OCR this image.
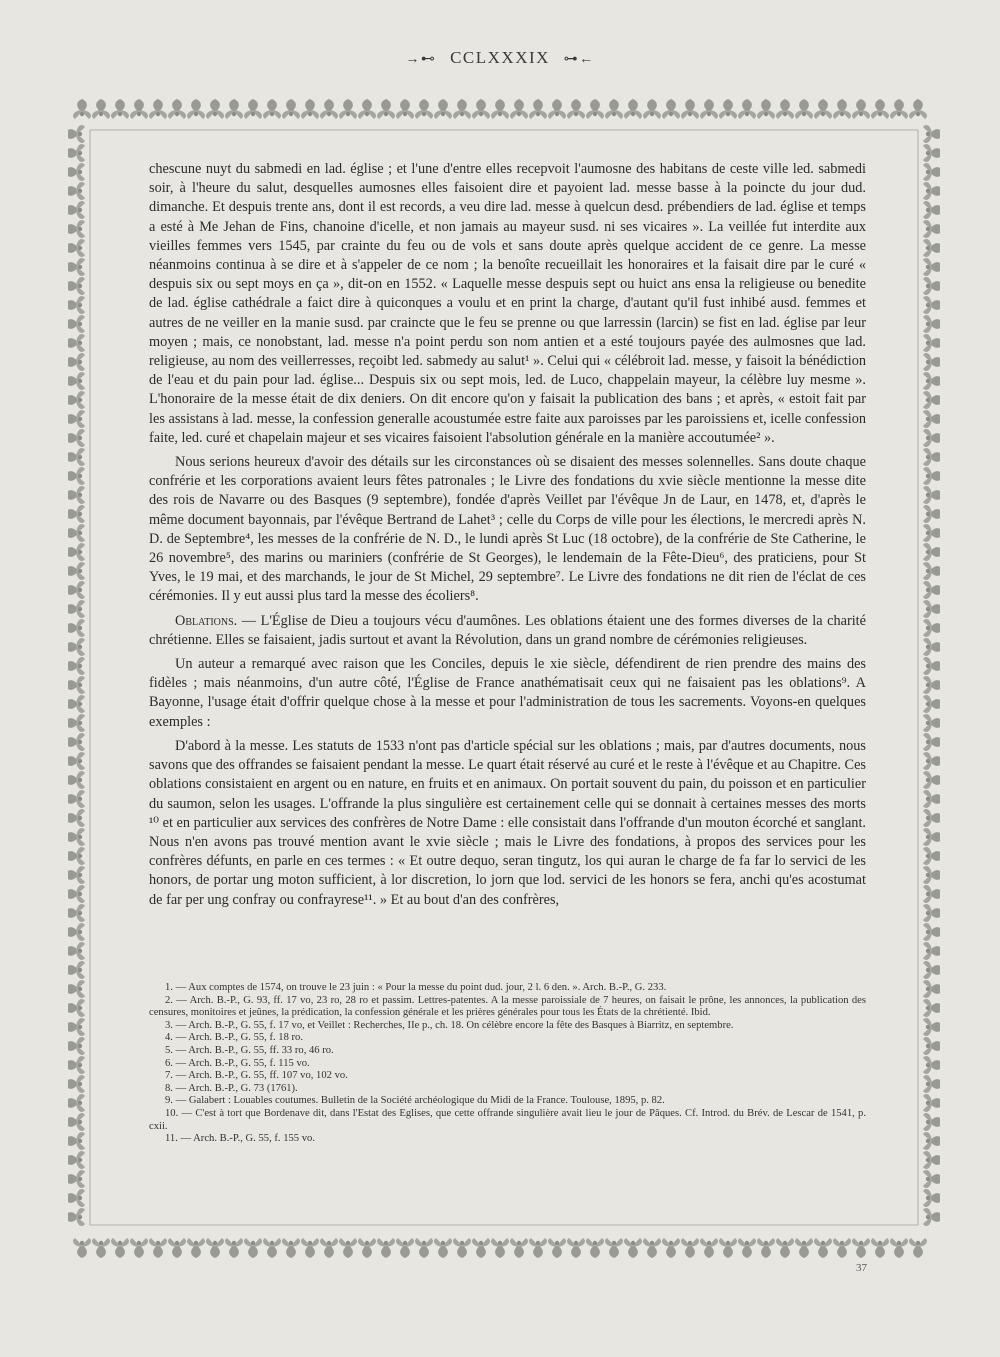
→⊷ CCLXXXIX ⊶←

chescune nuyt du sabmedi en lad. église ; et l'une d'entre elles recepvoit l'aumosne des habitans de ceste ville led. sabmedi soir, à l'heure du salut, desquelles aumosnes elles faisoient dire et payoient lad. messe basse à la poincte du jour dud. dimanche. Et despuis trente ans, dont il est records, a veu dire lad. messe à quelcun desd. prébendiers de lad. église et temps a esté à Me Jehan de Fins, chanoine d'icelle, et non jamais au mayeur susd. ni ses vicaires ». La veillée fut interdite aux vieilles femmes vers 1545, par crainte du feu ou de vols et sans doute après quelque accident de ce genre. La messe néanmoins continua à se dire et à s'appeler de ce nom ; la benoîte recueillait les honoraires et la faisait dire par le curé « despuis six ou sept moys en ça », dit-on en 1552. « Laquelle messe despuis sept ou huict ans ensa la religieuse ou benedite de lad. église cathédrale a faict dire à quiconques a voulu et en print la charge, d'autant qu'il fust inhibé ausd. femmes et autres de ne veiller en la manie susd. par craincte que le feu se prenne ou que larressin (larcin) se fist en lad. église par leur moyen ; mais, ce nonobstant, lad. messe n'a point perdu son nom antien et a esté toujours payée des aulmosnes que lad. religieuse, au nom des veillerresses, reçoibt led. sabmedy au salut¹ ». Celui qui « célébroit lad. messe, y faisoit la bénédiction de l'eau et du pain pour lad. église... Despuis six ou sept mois, led. de Luco, chappelain mayeur, la célèbre luy mesme ». L'honoraire de la messe était de dix deniers. On dit encore qu'on y faisait la publication des bans ; et après, « estoit fait par les assistans à lad. messe, la confession generalle acoustumée estre faite aux paroisses par les paroissiens et, icelle confession faite, led. curé et chapelain majeur et ses vicaires faisoient l'absolution générale en la manière accoutumée² ».

Nous serions heureux d'avoir des détails sur les circonstances où se disaient des messes solennelles. Sans doute chaque confrérie et les corporations avaient leurs fêtes patronales ; le Livre des fondations du xvie siècle mentionne la messe dite des rois de Navarre ou des Basques (9 septembre), fondée d'après Veillet par l'évêque Jn de Laur, en 1478, et, d'après le même document bayonnais, par l'évêque Bertrand de Lahet³ ; celle du Corps de ville pour les élections, le mercredi après N. D. de Septembre⁴, les messes de la confrérie de N. D., le lundi après St Luc (18 octobre), de la confrérie de Ste Catherine, le 26 novembre⁵, des marins ou mariniers (confrérie de St Georges), le lendemain de la Fête-Dieu⁶, des praticiens, pour St Yves, le 19 mai, et des marchands, le jour de St Michel, 29 septembre⁷. Le Livre des fondations ne dit rien de l'éclat de ces cérémonies. Il y eut aussi plus tard la messe des écoliers⁸.

Oblations. — L'Église de Dieu a toujours vécu d'aumônes. Les oblations étaient une des formes diverses de la charité chrétienne. Elles se faisaient, jadis surtout et avant la Révolution, dans un grand nombre de cérémonies religieuses.

Un auteur a remarqué avec raison que les Conciles, depuis le xie siècle, défendirent de rien prendre des mains des fidèles ; mais néanmoins, d'un autre côté, l'Église de France anathématisait ceux qui ne faisaient pas les oblations⁹. A Bayonne, l'usage était d'offrir quelque chose à la messe et pour l'administration de tous les sacrements. Voyons-en quelques exemples :

D'abord à la messe. Les statuts de 1533 n'ont pas d'article spécial sur les oblations ; mais, par d'autres documents, nous savons que des offrandes se faisaient pendant la messe. Le quart était réservé au curé et le reste à l'évêque et au Chapitre. Ces oblations consistaient en argent ou en nature, en fruits et en animaux. On portait souvent du pain, du poisson et en particulier du saumon, selon les usages. L'offrande la plus singulière est certainement celle qui se donnait à certaines messes des morts ¹⁰ et en particulier aux services des confrères de Notre Dame : elle consistait dans l'offrande d'un mouton écorché et sanglant. Nous n'en avons pas trouvé mention avant le xvie siècle ; mais le Livre des fondations, à propos des services pour les confrères défunts, en parle en ces termes : « Et outre dequo, seran tingutz, los qui auran le charge de fa far lo servici de les honors, de portar ung moton sufficient, à lor discretion, lo jorn que lod. servici de les honors se fera, anchi qu'es acostumat de far per ung confray ou confrayrese¹¹. » Et au bout d'an des confrères,

1. — Aux comptes de 1574, on trouve le 23 juin : « Pour la messe du point dud. jour, 2 l. 6 den. ». Arch. B.-P., G. 233.
2. — Arch. B.-P., G. 93, ff. 17 vo, 23 ro, 28 ro et passim. Lettres-patentes. A la messe paroissiale de 7 heures, on faisait le prône, les annonces, la publication des censures, monitoires et jeûnes, la prédication, la confession générale et les prières générales pour tous les États de la chrétienté. Ibid.
3. — Arch. B.-P., G. 55, f. 17 vo, et Veillet : Recherches, IIe p., ch. 18. On célèbre encore la fête des Basques à Biarritz, en septembre.
4. — Arch. B.-P., G. 55, f. 18 ro.
5. — Arch. B.-P., G. 55, ff. 33 ro, 46 ro.
6. — Arch. B.-P., G. 55, f. 115 vo.
7. — Arch. B.-P., G. 55, ff. 107 vo, 102 vo.
8. — Arch. B.-P., G. 73 (1761).
9. — Galabert : Louables coutumes. Bulletin de la Société archéologique du Midi de la France. Toulouse, 1895, p. 82.
10. — C'est à tort que Bordenave dit, dans l'Estat des Eglises, que cette offrande singulière avait lieu le jour de Pâques. Cf. Introd. du Brév. de Lescar de 1541, p. cxii.
11. — Arch. B.-P., G. 55, f. 155 vo.
37
